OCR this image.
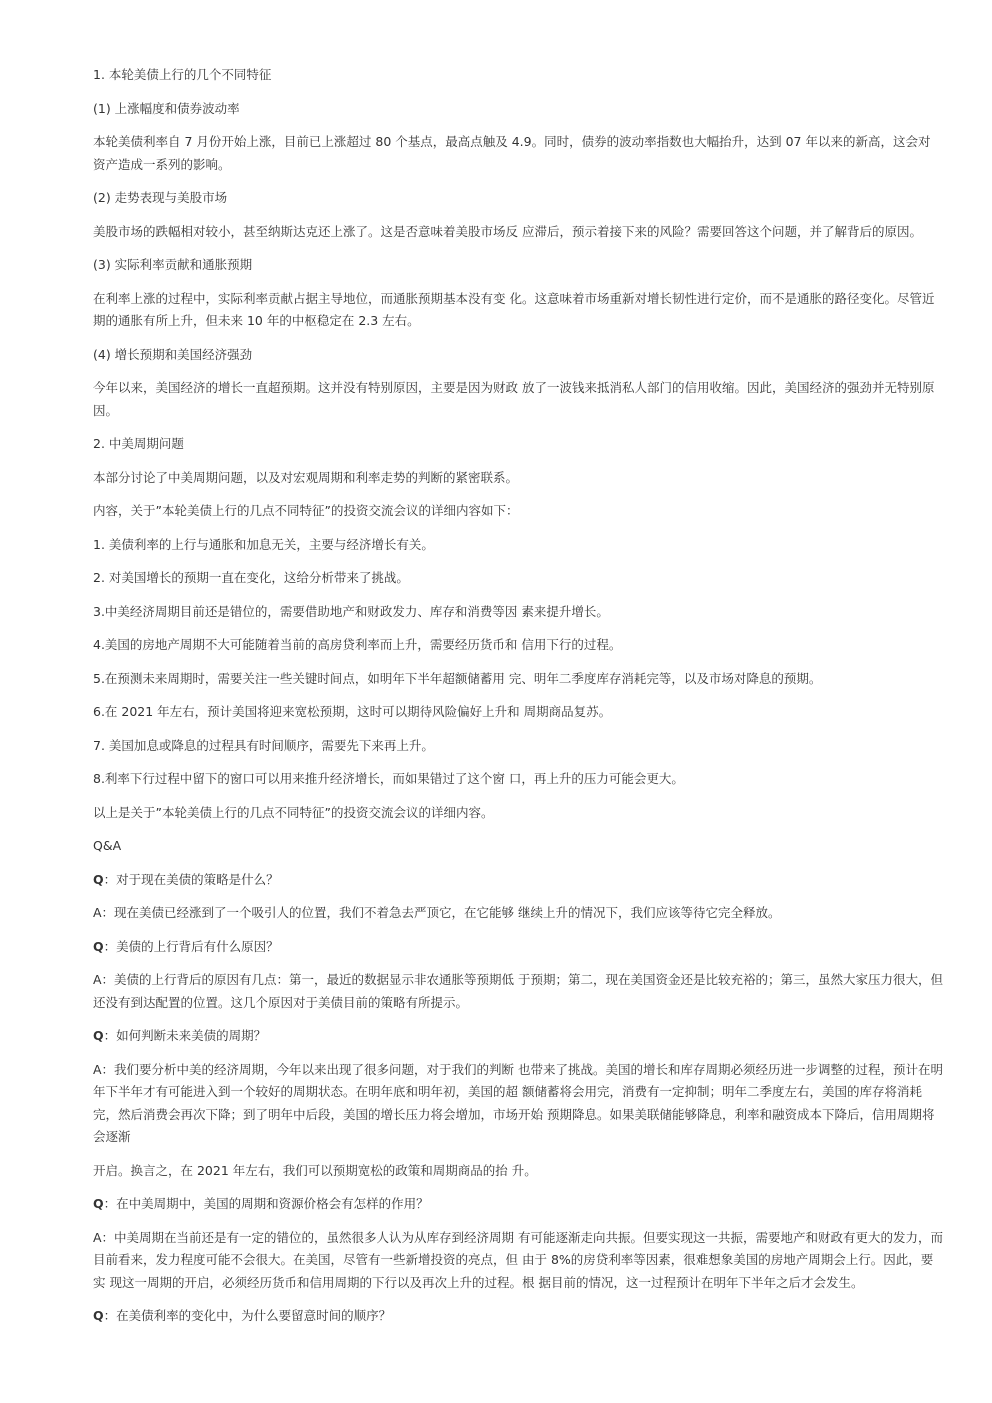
1. 本轮美债上行的几个不同特征

(1) 上涨幅度和债券波动率

本轮美债利率自 7 月份开始上涨，目前已上涨超过 80 个基点，最高点触及 4.9。同时，债券的波动率指数也大幅抬升，达到 07 年以来的新高，这会对 资产造成一系列的影响。

(2) 走势表现与美股市场

美股市场的跌幅相对较小，甚至纳斯达克还上涨了。这是否意味着美股市场反 应滞后，预示着接下来的风险？需要回答这个问题，并了解背后的原因。

(3) 实际利率贡献和通胀预期

在利率上涨的过程中，实际利率贡献占据主导地位，而通胀预期基本没有变 化。这意味着市场重新对增长韧性进行定价，而不是通胀的路径变化。尽管近 期的通胀有所上升，但未来 10 年的中枢稳定在 2.3 左右。

(4) 增长预期和美国经济强劲

今年以来，美国经济的增长一直超预期。这并没有特别原因，主要是因为财政 放了一波钱来抵消私人部门的信用收缩。因此，美国经济的强劲并无特别原 因。

2. 中美周期问题

本部分讨论了中美周期问题，以及对宏观周期和利率走势的判断的紧密联系。

内容，关于”本轮美债上行的几点不同特征”的投资交流会议的详细内容如下：

1. 美债利率的上行与通胀和加息无关，主要与经济增长有关。

2. 对美国增长的预期一直在变化，这给分析带来了挑战。

3.中美经济周期目前还是错位的，需要借助地产和财政发力、库存和消费等因 素来提升增长。

4.美国的房地产周期不大可能随着当前的高房贷利率而上升，需要经历货币和 信用下行的过程。

5.在预测未来周期时，需要关注一些关键时间点，如明年下半年超额储蓄用 完、明年二季度库存消耗完等，以及市场对降息的预期。

6.在 2021 年左右，预计美国将迎来宽松预期，这时可以期待风险偏好上升和 周期商品复苏。

7. 美国加息或降息的过程具有时间顺序，需要先下来再上升。

8.利率下行过程中留下的窗口可以用来推升经济增长，而如果错过了这个窗 口，再上升的压力可能会更大。

以上是关于”本轮美债上行的几点不同特征”的投资交流会议的详细内容。

Q&A

Q：对于现在美债的策略是什么？

A：现在美债已经涨到了一个吸引人的位置，我们不着急去严顶它，在它能够 继续上升的情况下，我们应该等待它完全释放。

Q：美债的上行背后有什么原因？

A：美债的上行背后的原因有几点：第一，最近的数据显示非农通胀等预期低 于预期；第二，现在美国资金还是比较充裕的；第三，虽然大家压力很大，但 还没有到达配置的位置。这几个原因对于美债目前的策略有所提示。

Q：如何判断未来美债的周期？

A：我们要分析中美的经济周期，今年以来出现了很多问题，对于我们的判断 也带来了挑战。美国的增长和库存周期必须经历进一步调整的过程，预计在明 年下半年才有可能进入到一个较好的周期状态。在明年底和明年初，美国的超 额储蓄将会用完，消费有一定抑制；明年二季度左右，美国的库存将消耗完，然后消费会再次下降；到了明年中后段，美国的增长压力将会增加，市场开始 预期降息。如果美联储能够降息，利率和融资成本下降后，信用周期将会逐渐

开启。换言之，在 2021 年左右，我们可以预期宽松的政策和周期商品的抬 升。

Q：在中美周期中，美国的周期和资源价格会有怎样的作用？

A：中美周期在当前还是有一定的错位的，虽然很多人认为从库存到经济周期 有可能逐渐走向共振。但要实现这一共振，需要地产和财政有更大的发力，而 目前看来，发力程度可能不会很大。在美国，尽管有一些新增投资的亮点，但 由于 8%的房贷利率等因素，很难想象美国的房地产周期会上行。因此，要实 现这一周期的开启，必须经历货币和信用周期的下行以及再次上升的过程。根 据目前的情况，这一过程预计在明年下半年之后才会发生。

Q：在美债利率的变化中，为什么要留意时间的顺序？
